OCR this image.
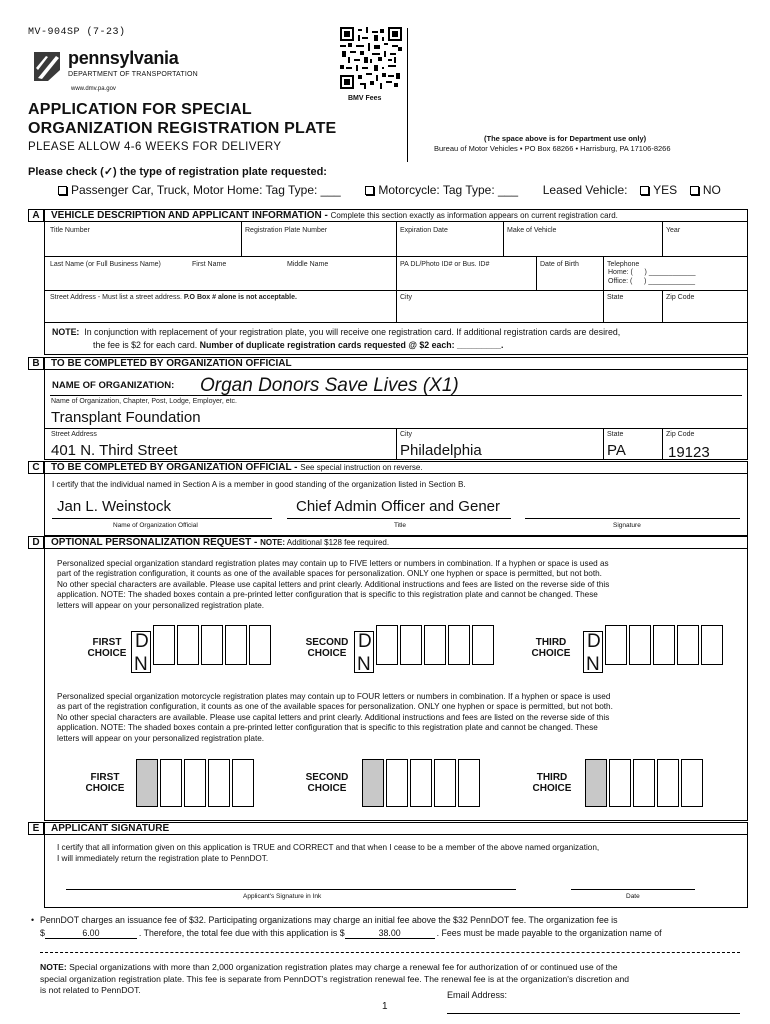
MV-904SP (7-23)
pennsylvania
DEPARTMENT OF TRANSPORTATION
www.dmv.pa.gov
BMV Fees
APPLICATION FOR SPECIAL
ORGANIZATION REGISTRATION PLATE
PLEASE ALLOW 4-6 WEEKS FOR DELIVERY
(The space above is for Department use only)
Bureau of Motor Vehicles • PO Box 68266 • Harrisburg, PA 17106-8266
Please check (✓) the type of registration plate requested:
Passenger Car, Truck, Motor Home: Tag Type: ___	Motorcycle: Tag Type: ___ Leased Vehicle: YES NO
A	VEHICLE DESCRIPTION AND APPLICANT INFORMATION - Complete this section exactly as information appears on current registration card.
Title Number	Registration Plate Number	Expiration Date	Make of Vehicle	Year
Last Name (or Full Business Name)	First Name	Middle Name	PA DL/Photo ID# or Bus. ID#	Date of Birth	Telephone
Home: (      ) ____________
Office: (      ) ____________
Street Address - Must list a street address. P.O Box # alone is not acceptable.	City	State	Zip Code
NOTE: In conjunction with replacement of your registration plate, you will receive one registration card. If additional registration cards are desired,
the fee is $2 for each card. Number of duplicate registration cards requested @ $2 each: _________.
B	TO BE COMPLETED BY ORGANIZATION OFFICIAL
NAME OF ORGANIZATION: Organ Donors Save Lives (X1)
Name of Organization, Chapter, Post, Lodge, Employer, etc.
Transplant Foundation
Street Address
401 N. Third Street
City
Philadelphia
State
PA
Zip Code
19123
C	TO BE COMPLETED BY ORGANIZATION OFFICIAL - See special instruction on reverse.
I certify that the individual named in Section A is a member in good standing of the organization listed in Section B.
Jan L. Weinstock	Chief Admin Officer and Gener
Name of Organization Official	Title	Signature
D	OPTIONAL PERSONALIZATION REQUEST - NOTE: Additional $128 fee required.
Personalized special organization standard registration plates may contain up to FIVE letters or numbers in combination. If a hyphen or space is used as
part of the registration configuration, it counts as one of the available spaces for personalization. ONLY one hyphen or space is permitted, but not both.
No other special characters are available. Please use capital letters and print clearly. Additional instructions and fees are listed on the reverse side of this
application. NOTE: The shaded boxes contain a pre-printed letter configuration that is specific to this registration plate and cannot be changed. These
letters will appear on your personalized registration plate.
FIRST
CHOICE
SECOND
CHOICE
THIRD
CHOICE
D
N
D
N
D
N
Personalized special organization motorcycle registration plates may contain up to FOUR letters or numbers in combination. If a hyphen or space is used
as part of the registration configuration, it counts as one of the available spaces for personalization. ONLY one hyphen or space is permitted, but not both.
No other special characters are available. Please use capital letters and print clearly. Additional instructions and fees are listed on the reverse side of this
application. NOTE: The shaded boxes contain a pre-printed letter configuration that is specific to this registration plate and cannot be changed. These
letters will appear on your personalized registration plate.
FIRST
CHOICE
SECOND
CHOICE
THIRD
CHOICE
E	APPLICANT SIGNATURE
I certify that all information given on this application is TRUE and CORRECT and that when I cease to be a member of the above named organization,
I will immediately return the registration plate to PennDOT.
Applicant's Signature in Ink	Date
• PennDOT charges an issuance fee of $32. Participating organizations may charge an initial fee above the $32 PennDOT fee. The organization fee is
$	6.00	. Therefore, the total fee due with this application is $	38.00	. Fees must be made payable to the organization name of
NOTE: Special organizations with more than 2,000 organization registration plates may charge a renewal fee for authorization of or continued use of the
special organization registration plate. This fee is separate from PennDOT's registration renewal fee. The renewal fee is at the organization's discretion and
is not related to PennDOT.	Email Address:
1
